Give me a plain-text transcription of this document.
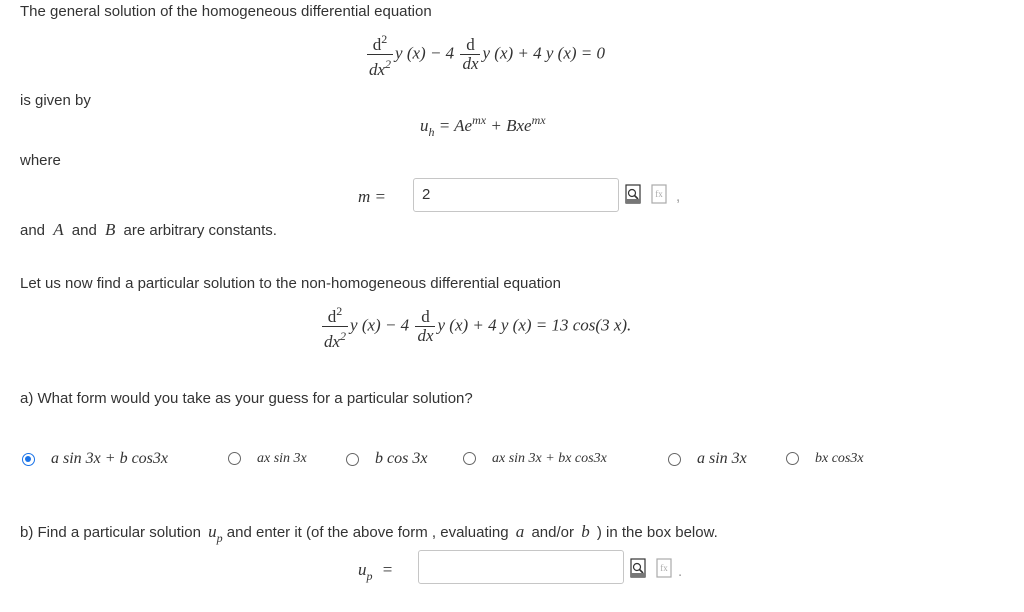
The general solution of the homogeneous differential equation
$\frac{d^2}{dx^2}$ y $(x) - 4 \frac{d}{dx}$ y (x) + 4 y (x) = 0
is given by
$u_h = Ae^{mx} + Bxe^{mx}$
where
m =	2	fx ,
and A and B are arbitrary constants.
Let us now find a particular solution to the non-homogeneous differential equation
$\frac{d^2}{dx^2}$ y $(x) - 4 \frac{d}{dx}$ y (x) + 4 y (x) = 13 cos(3 x).
a) What form would you take as your guess for a particular solution?
a sin 3x + b cos3x	ax sin 3x	b cos 3x	ax sin 3x + bx cos3x	a sin 3x	bx cos3x
b) Find a particular solution $u_p$ and enter it (of the above form , evaluating a and/or b ) in the box below.
$u_p$ =	fx .
